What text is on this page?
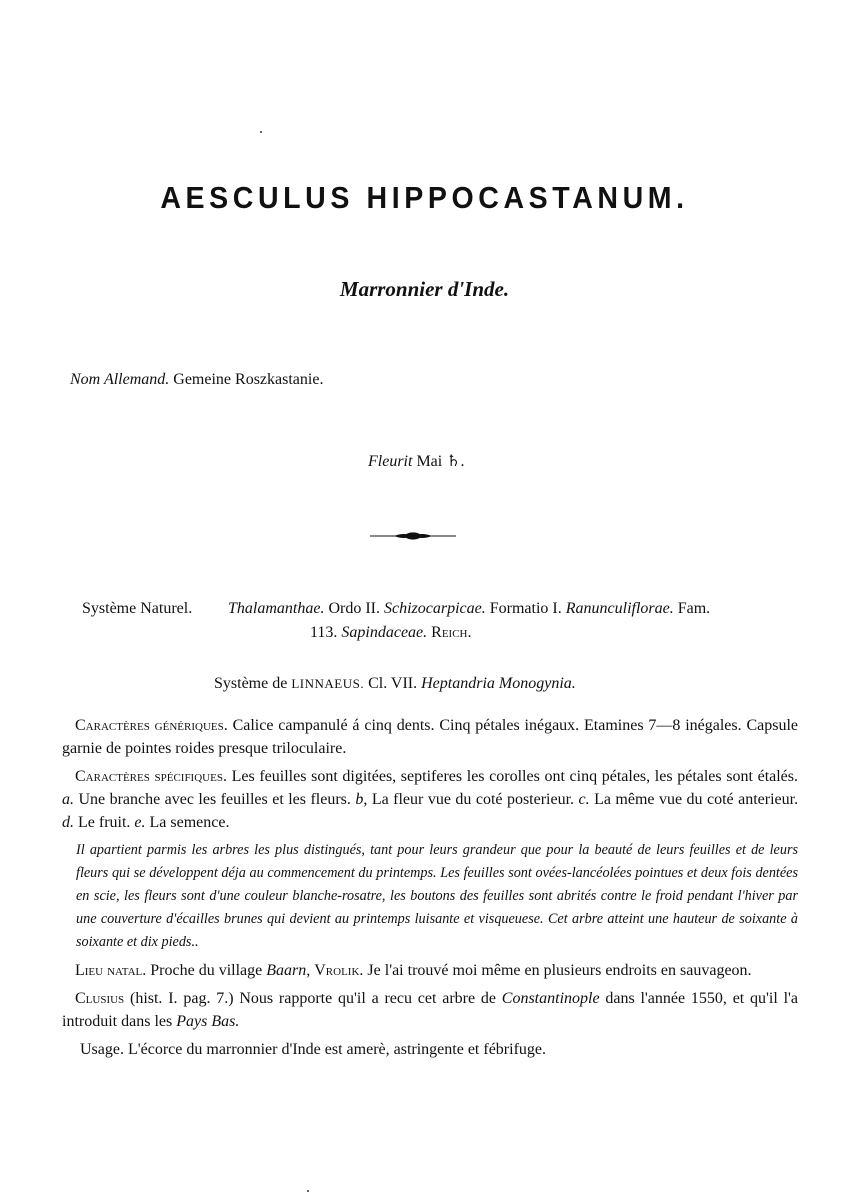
AESCULUS HIPPOCASTANUM.
Marronnier d'Inde.
Nom Allemand. Gemeine Roszkastanie.
Fleurit Mai ♄.
Système Naturel. Thalamanthae. Ordo II. Schizocarpicae. Formatio I. Ranunculiflorae. Fam.
113. Sapindaceae. Reich.
Système de LINNAEUS. Cl. VII. Heptandria Monogynia.

Caractères génériques. Calice campanulé á cinq dents. Cinq pétales inégaux. Etamines 7—8 inégales. Capsule garnie de pointes roides presque triloculaire.

Caractères spécifiques. Les feuilles sont digitées, septiferes les corolles ont cinq pétales, les pétales sont étalés. a. Une branche avec les feuilles et les fleurs. b, La fleur vue du coté posterieur. c. La même vue du coté anterieur. d. Le fruit. e. La semence.

Il apartient parmis les arbres les plus distingués, tant pour leurs grandeur que pour la beauté de leurs feuilles et de leurs fleurs qui se développent déja au commencement du printemps. Les feuilles sont ovées-lancéolées pointues et deux fois dentées en scie, les fleurs sont d'une couleur blanche-rosatre, les boutons des feuilles sont abrités contre le froid pendant l'hiver par une couverture d'écailles brunes qui devient au printemps luisante et visqueuese. Cet arbre atteint une hauteur de soixante à soixante et dix pieds..

Lieu natal. Proche du village Baarn, Vrolik. Je l'ai trouvé moi même en plusieurs endroits en sauvageon.

Clusius (hist. I. pag. 7.) Nous rapporte qu'il a recu cet arbre de Constantinople dans l'année 1550, et qu'il l'a introduit dans les Pays Bas.

Usage. L'écorce du marronnier d'Inde est amerè, astringente et fébrifuge.
